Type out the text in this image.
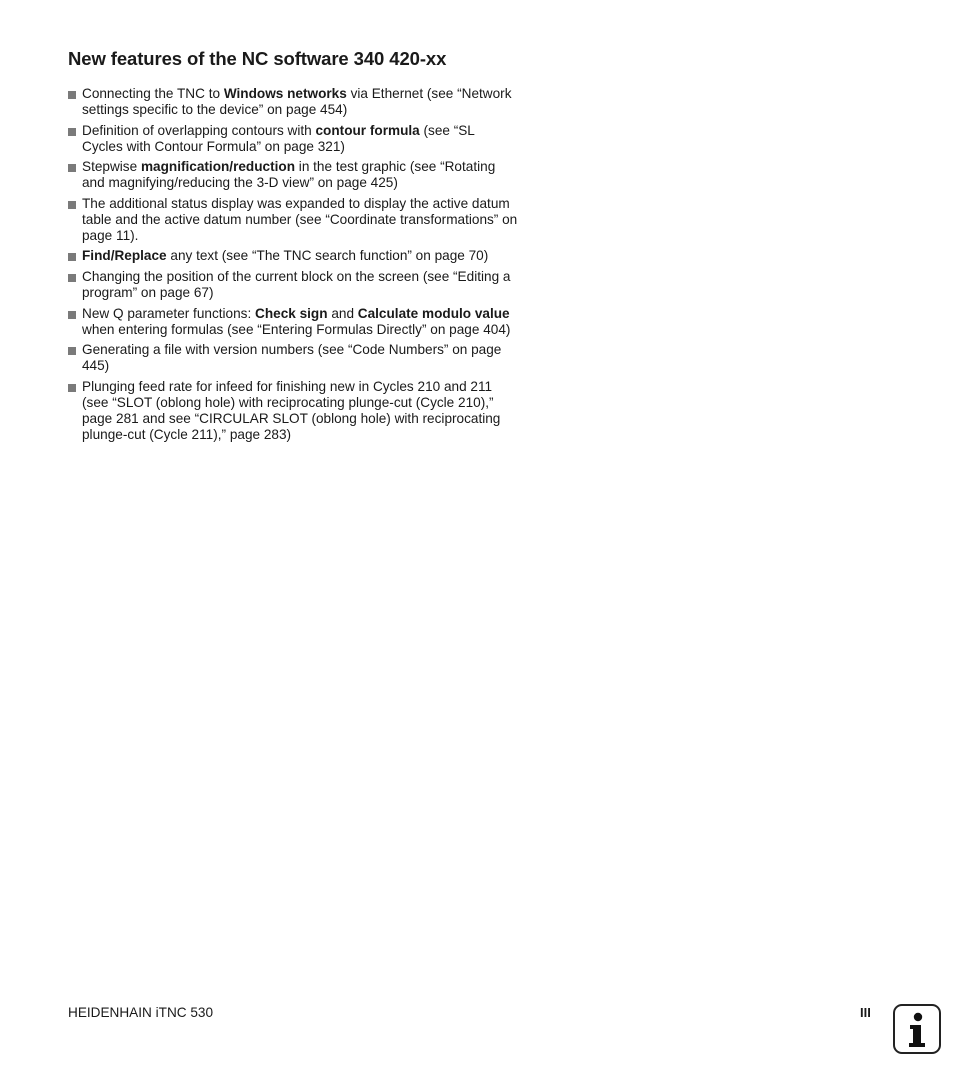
New features of the NC software 340 420-xx
Connecting the TNC to Windows networks via Ethernet (see “Network settings specific to the device” on page 454)
Definition of overlapping contours with contour formula (see “SL Cycles with Contour Formula” on page 321)
Stepwise magnification/reduction in the test graphic (see “Rotating and magnifying/reducing the 3-D view” on page 425)
The additional status display was expanded to display the active datum table and the active datum number (see “Coordinate transformations” on page 11).
Find/Replace any text (see “The TNC search function” on page 70)
Changing the position of the current block on the screen (see “Editing a program” on page 67)
New Q parameter functions: Check sign and Calculate modulo value when entering formulas (see “Entering Formulas Directly” on page 404)
Generating a file with version numbers (see “Code Numbers” on page 445)
Plunging feed rate for infeed for finishing new in Cycles 210 and 211 (see “SLOT (oblong hole) with reciprocating plunge-cut (Cycle 210),” page 281 and see “CIRCULAR SLOT (oblong hole) with reciprocating plunge-cut (Cycle 211),” page 283)
HEIDENHAIN iTNC 530	III
